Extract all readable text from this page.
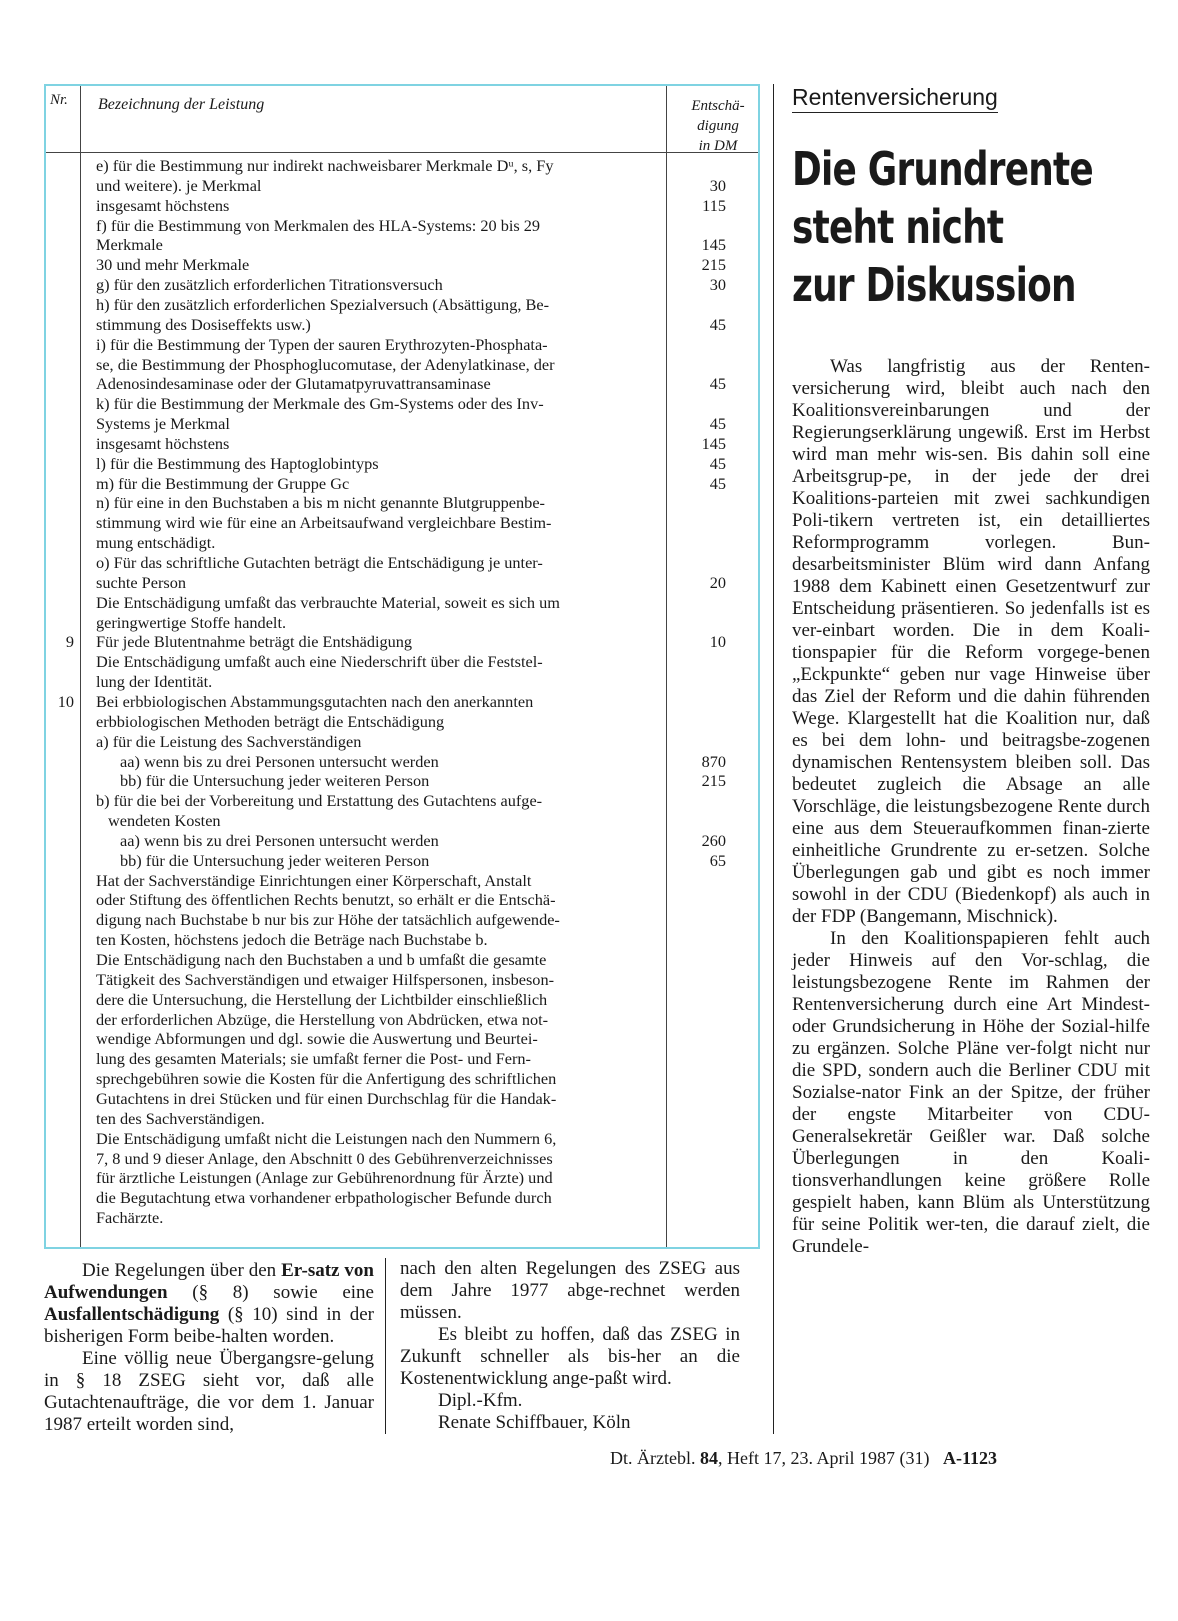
Nr. Bezeichnung der Leistung	Entschä-
digung
in DM
e) für die Bestimmung nur indirekt nachweisbarer Merkmale Dᵘ, s, Fy
und weitere). je Merkmal	30
insgesamt höchstens	115
f) für die Bestimmung von Merkmalen des HLA-Systems: 20 bis 29
Merkmale	145
30 und mehr Merkmale	215
g) für den zusätzlich erforderlichen Titrationsversuch	30
h) für den zusätzlich erforderlichen Spezialversuch (Absättigung, Be-
stimmung des Dosiseffekts usw.)	45
i) für die Bestimmung der Typen der sauren Erythrozyten-Phosphata-
se, die Bestimmung der Phosphoglucomutase, der Adenylatkinase, der
Adenosindesaminase oder der Glutamatpyruvattransaminase	45
k) für die Bestimmung der Merkmale des Gm-Systems oder des Inv-
Systems je Merkmal	45
insgesamt höchstens	145
l) für die Bestimmung des Haptoglobintyps	45
m) für die Bestimmung der Gruppe Gc	45
n) für eine in den Buchstaben a bis m nicht genannte Blutgruppenbe-
stimmung wird wie für eine an Arbeitsaufwand vergleichbare Bestim-
mung entschädigt.
o) Für das schriftliche Gutachten beträgt die Entschädigung je unter-
suchte Person	20
Die Entschädigung umfaßt das verbrauchte Material, soweit es sich um
geringwertige Stoffe handelt.
9 Für jede Blutentnahme beträgt die Entshädigung	10
Die Entschädigung umfaßt auch eine Niederschrift über die Feststel-
lung der Identität.
10 Bei erbbiologischen Abstammungsgutachten nach den anerkannten
erbbiologischen Methoden beträgt die Entschädigung
a) für die Leistung des Sachverständigen
aa) wenn bis zu drei Personen untersucht werden	870
bb) für die Untersuchung jeder weiteren Person	215
b) für die bei der Vorbereitung und Erstattung des Gutachtens aufge-
wendeten Kosten
aa) wenn bis zu drei Personen untersucht werden	260
bb) für die Untersuchung jeder weiteren Person	65
Hat der Sachverständige Einrichtungen einer Körperschaft, Anstalt
oder Stiftung des öffentlichen Rechts benutzt, so erhält er die Entschä-
digung nach Buchstabe b nur bis zur Höhe der tatsächlich aufgewende-
ten Kosten, höchstens jedoch die Beträge nach Buchstabe b.
Die Entschädigung nach den Buchstaben a und b umfaßt die gesamte
Tätigkeit des Sachverständigen und etwaiger Hilfspersonen, insbeson-
dere die Untersuchung, die Herstellung der Lichtbilder einschließlich
der erforderlichen Abzüge, die Herstellung von Abdrücken, etwa not-
wendige Abformungen und dgl. sowie die Auswertung und Beurtei-
lung des gesamten Materials; sie umfaßt ferner die Post- und Fern-
sprechgebühren sowie die Kosten für die Anfertigung des schriftlichen
Gutachtens in drei Stücken und für einen Durchschlag für die Handak-
ten des Sachverständigen.
Die Entschädigung umfaßt nicht die Leistungen nach den Nummern 6,
7, 8 und 9 dieser Anlage, den Abschnitt 0 des Gebührenverzeichnisses
für ärztliche Leistungen (Anlage zur Gebührenordnung für Ärzte) und
die Begutachtung etwa vorhandener erbpathologischer Befunde durch
Fachärzte.

Die Regelungen über den Er-satz von Aufwendungen (§ 8) sowie eine Ausfallentschädigung (§ 10) sind in der bisherigen Form beibe-halten worden.

Eine völlig neue Übergangsre-gelung in § 18 ZSEG sieht vor, daß alle Gutachtenaufträge, die vor dem 1. Januar 1987 erteilt worden sind,

nach den alten Regelungen des ZSEG aus dem Jahre 1977 abge-rechnet werden müssen.

Es bleibt zu hoffen, daß das ZSEG in Zukunft schneller als bis-her an die Kostenentwicklung ange-paßt wird.

Dipl.-Kfm.

Renate Schiffbauer, Köln

Rentenversicherung
Die Grundrente
steht nicht
zur Diskussion

Was langfristig aus der Renten-versicherung wird, bleibt auch nach den Koalitionsvereinbarungen und der Regierungserklärung ungewiß. Erst im Herbst wird man mehr wis-sen. Bis dahin soll eine Arbeitsgrup-pe, in der jede der drei Koalitions-parteien mit zwei sachkundigen Poli-tikern vertreten ist, ein detailliertes Reformprogramm vorlegen. Bun-desarbeitsminister Blüm wird dann Anfang 1988 dem Kabinett einen Gesetzentwurf zur Entscheidung präsentieren. So jedenfalls ist es ver-einbart worden. Die in dem Koali-tionspapier für die Reform vorgege-benen „Eckpunkte“ geben nur vage Hinweise über das Ziel der Reform und die dahin führenden Wege. Klargestellt hat die Koalition nur, daß es bei dem lohn- und beitragsbe-zogenen dynamischen Rentensystem bleiben soll. Das bedeutet zugleich die Absage an alle Vorschläge, die leistungsbezogene Rente durch eine aus dem Steueraufkommen finan-zierte einheitliche Grundrente zu er-setzen. Solche Überlegungen gab und gibt es noch immer sowohl in der CDU (Biedenkopf) als auch in der FDP (Bangemann, Mischnick).

In den Koalitionspapieren fehlt auch jeder Hinweis auf den Vor-schlag, die leistungsbezogene Rente im Rahmen der Rentenversicherung durch eine Art Mindest- oder Grundsicherung in Höhe der Sozial-hilfe zu ergänzen. Solche Pläne ver-folgt nicht nur die SPD, sondern auch die Berliner CDU mit Sozialse-nator Fink an der Spitze, der früher der engste Mitarbeiter von CDU-Generalsekretär Geißler war. Daß solche Überlegungen in den Koali-tionsverhandlungen keine größere Rolle gespielt haben, kann Blüm als Unterstützung für seine Politik wer-ten, die darauf zielt, die Grundele-

Dt. Ärztebl. 84, Heft 17, 23. April 1987 (31) A-1123
